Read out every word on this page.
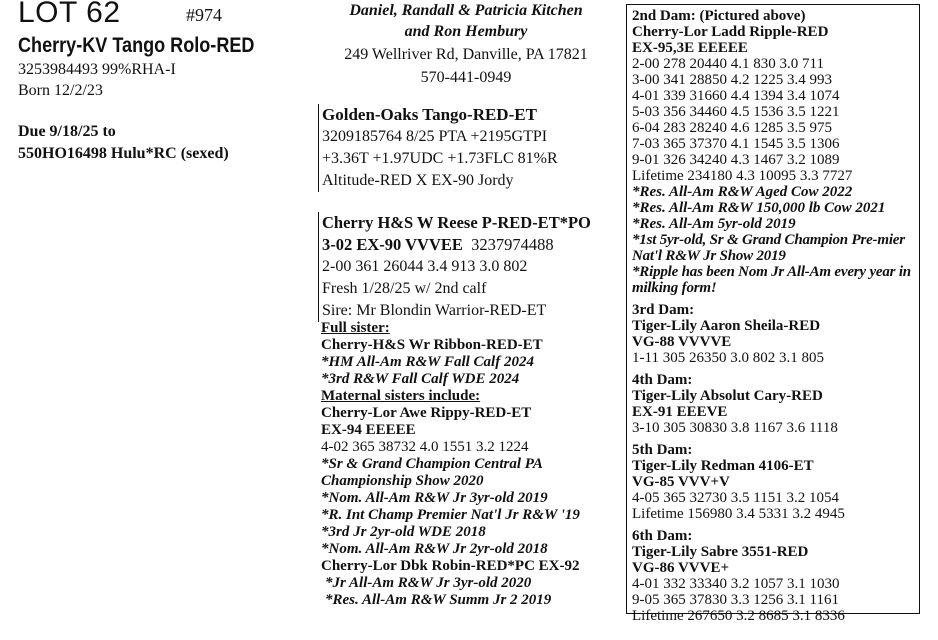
LOT 62	#974
Cherry-KV Tango Rolo-RED
3253984493 99%RHA-I
Born 12/2/23
Due 9/18/25 to
550HO16498 Hulu*RC (sexed)
Daniel, Randall & Patricia Kitchen
and Ron Hembury
249 Wellriver Rd, Danville, PA 17821
570-441-0949
Golden-Oaks Tango-RED-ET
3209185764 8/25 PTA +2195GTPI
+3.36T +1.97UDC +1.73FLC 81%R
Altitude-RED X EX-90 Jordy
Cherry H&S W Reese P-RED-ET*PO
3-02 EX-90 VVVEE 3237974488
2-00 361 26044 3.4 913 3.0 802
Fresh 1/28/25 w/ 2nd calf
Sire: Mr Blondin Warrior-RED-ET
Full sister:
Cherry-H&S Wr Ribbon-RED-ET
*HM All-Am R&W Fall Calf 2024
*3rd R&W Fall Calf WDE 2024
Maternal sisters include:
Cherry-Lor Awe Rippy-RED-ET
EX-94 EEEEE
4-02 365 38732 4.0 1551 3.2 1224
*Sr & Grand Champion Central PA
Championship Show 2020
*Nom. All-Am R&W Jr 3yr-old 2019
*R. Int Champ Premier Nat'l Jr R&W '19
*3rd Jr 2yr-old WDE 2018
*Nom. All-Am R&W Jr 2yr-old 2018
Cherry-Lor Dbk Robin-RED*PC EX-92
*Jr All-Am R&W Jr 3yr-old 2020
*Res. All-Am R&W Summ Jr 2 2019
2nd Dam: (Pictured above)
Cherry-Lor Ladd Ripple-RED
EX-95,3E EEEEE
2-00 278 20440 4.1 830 3.0 711
3-00 341 28850 4.2 1225 3.4 993
4-01 339 31660 4.4 1394 3.4 1074
5-03 356 34460 4.5 1536 3.5 1221
6-04 283 28240 4.6 1285 3.5 975
7-03 365 37370 4.1 1545 3.5 1306
9-01 326 34240 4.3 1467 3.2 1089
Lifetime 234180 4.3 10095 3.3 7727
*Res. All-Am R&W Aged Cow 2022
*Res. All-Am R&W 150,000 lb Cow 2021
*Res. All-Am 5yr-old 2019
*1st 5yr-old, Sr & Grand Champion Pre-mier Nat'l R&W Jr Show 2019
*Ripple has been Nom Jr All-Am every year in milking form!
3rd Dam:
Tiger-Lily Aaron Sheila-RED
VG-88 VVVVE
1-11 305 26350 3.0 802 3.1 805
4th Dam:
Tiger-Lily Absolut Cary-RED
EX-91 EEEVE
3-10 305 30830 3.8 1167 3.6 1118
5th Dam:
Tiger-Lily Redman 4106-ET
VG-85 VVV+V
4-05 365 32730 3.5 1151 3.2 1054
Lifetime 156980 3.4 5331 3.2 4945
6th Dam:
Tiger-Lily Sabre 3551-RED
VG-86 VVVE+
4-01 332 33340 3.2 1057 3.1 1030
9-05 365 37830 3.3 1256 3.1 1161
Lifetime 267650 3.2 8685 3.1 8336
